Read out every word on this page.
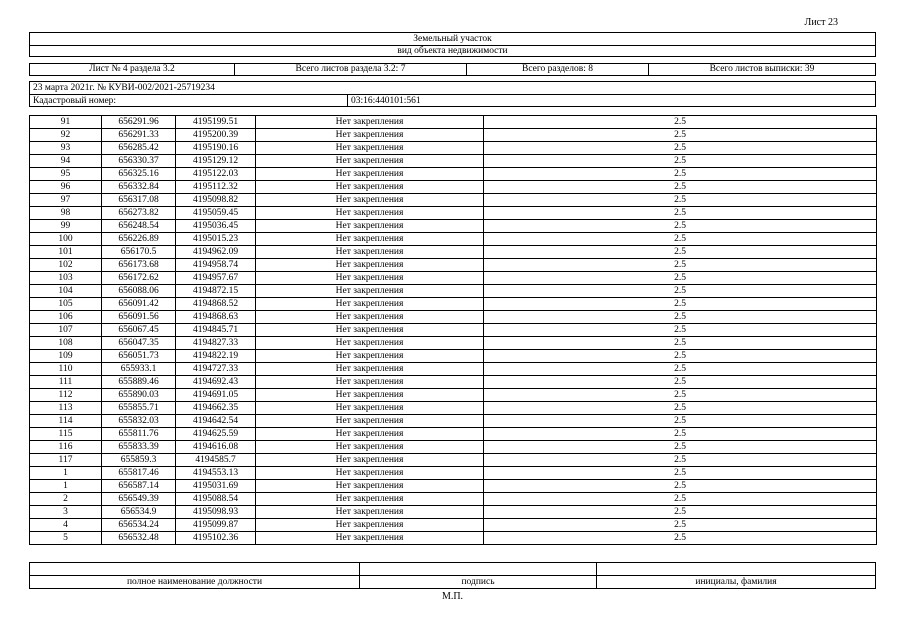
Лист 23
Земельный участок
вид объекта недвижимости
Лист № 4 раздела 3.2	Всего листов раздела 3.2: 7	Всего разделов: 8	Всего листов выписки: 39
23 марта 2021г. № КУВИ-002/2021-25719234
Кадастровый номер:	03:16:440101:561
91	656291.96	4195199.51	Нет закрепления	2.5
92	656291.33	4195200.39	Нет закрепления	2.5
93	656285.42	4195190.16	Нет закрепления	2.5
94	656330.37	4195129.12	Нет закрепления	2.5
95	656325.16	4195122.03	Нет закрепления	2.5
96	656332.84	4195112.32	Нет закрепления	2.5
97	656317.08	4195098.82	Нет закрепления	2.5
98	656273.82	4195059.45	Нет закрепления	2.5
99	656248.54	4195036.45	Нет закрепления	2.5
100	656226.89	4195015.23	Нет закрепления	2.5
101	656170.5	4194962.09	Нет закрепления	2.5
102	656173.68	4194958.74	Нет закрепления	2.5
103	656172.62	4194957.67	Нет закрепления	2.5
104	656088.06	4194872.15	Нет закрепления	2.5
105	656091.42	4194868.52	Нет закрепления	2.5
106	656091.56	4194868.63	Нет закрепления	2.5
107	656067.45	4194845.71	Нет закрепления	2.5
108	656047.35	4194827.33	Нет закрепления	2.5
109	656051.73	4194822.19	Нет закрепления	2.5
110	655933.1	4194727.33	Нет закрепления	2.5
111	655889.46	4194692.43	Нет закрепления	2.5
112	655890.03	4194691.05	Нет закрепления	2.5
113	655855.71	4194662.35	Нет закрепления	2.5
114	655832.03	4194642.54	Нет закрепления	2.5
115	655811.76	4194625.59	Нет закрепления	2.5
116	655833.39	4194616.08	Нет закрепления	2.5
117	655859.3	4194585.7	Нет закрепления	2.5
1	655817.46	4194553.13	Нет закрепления	2.5
1	656587.14	4195031.69	Нет закрепления	2.5
2	656549.39	4195088.54	Нет закрепления	2.5
3	656534.9	4195098.93	Нет закрепления	2.5
4	656534.24	4195099.87	Нет закрепления	2.5
5	656532.48	4195102.36	Нет закрепления	2.5
полное наименование должности	подпись	инициалы, фамилия
М.П.
